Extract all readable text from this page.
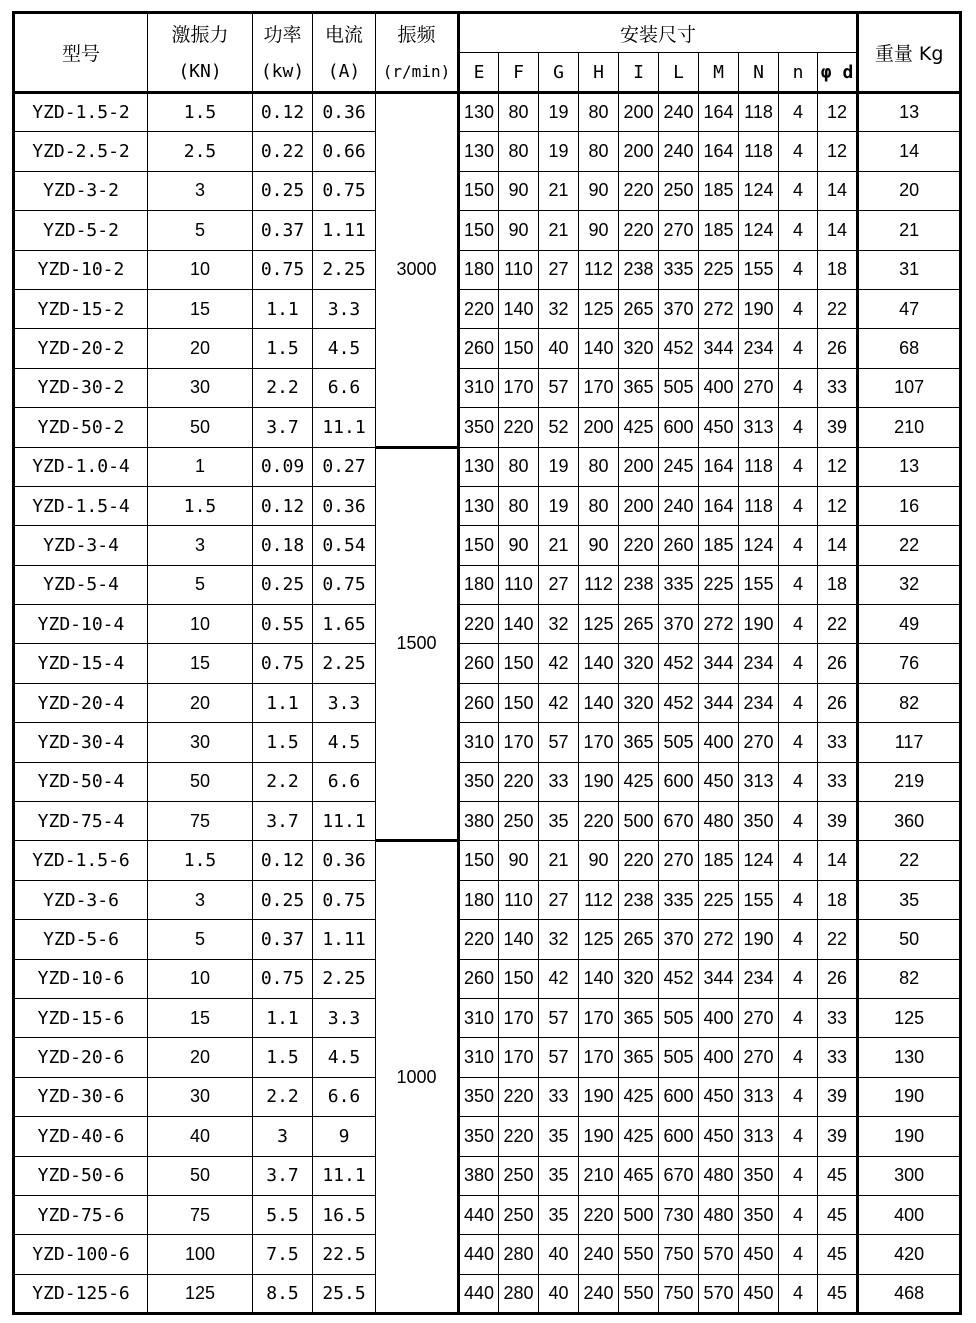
型号	激振力	功率	电流	振频	安装尺寸										重量 Kg
	(KN)	(kw)	(A)	(r/min)	E	F	G	H	I	L	M	N	n	φ d	
YZD-1.5-2	1.5	0.12	0.36	3000	130	80	19	80	200	240	164	118	4	12	13
YZD-2.5-2	2.5	0.22	0.66		130	80	19	80	200	240	164	118	4	12	14
YZD-3-2	3	0.25	0.75		150	90	21	90	220	250	185	124	4	14	20
YZD-5-2	5	0.37	1.11		150	90	21	90	220	270	185	124	4	14	21
YZD-10-2	10	0.75	2.25		180	110	27	112	238	335	225	155	4	18	31
YZD-15-2	15	1.1	3.3		220	140	32	125	265	370	272	190	4	22	47
YZD-20-2	20	1.5	4.5		260	150	40	140	320	452	344	234	4	26	68
YZD-30-2	30	2.2	6.6		310	170	57	170	365	505	400	270	4	33	107
YZD-50-2	50	3.7	11.1		350	220	52	200	425	600	450	313	4	39	210
YZD-1.0-4	1	0.09	0.27	1500	130	80	19	80	200	245	164	118	4	12	13
YZD-1.5-4	1.5	0.12	0.36		130	80	19	80	200	240	164	118	4	12	16
YZD-3-4	3	0.18	0.54		150	90	21	90	220	260	185	124	4	14	22
YZD-5-4	5	0.25	0.75		180	110	27	112	238	335	225	155	4	18	32
YZD-10-4	10	0.55	1.65		220	140	32	125	265	370	272	190	4	22	49
YZD-15-4	15	0.75	2.25		260	150	42	140	320	452	344	234	4	26	76
YZD-20-4	20	1.1	3.3		260	150	42	140	320	452	344	234	4	26	82
YZD-30-4	30	1.5	4.5		310	170	57	170	365	505	400	270	4	33	117
YZD-50-4	50	2.2	6.6		350	220	33	190	425	600	450	313	4	33	219
YZD-75-4	75	3.7	11.1		380	250	35	220	500	670	480	350	4	39	360
YZD-1.5-6	1.5	0.12	0.36	1000	150	90	21	90	220	270	185	124	4	14	22
YZD-3-6	3	0.25	0.75		180	110	27	112	238	335	225	155	4	18	35
YZD-5-6	5	0.37	1.11		220	140	32	125	265	370	272	190	4	22	50
YZD-10-6	10	0.75	2.25		260	150	42	140	320	452	344	234	4	26	82
YZD-15-6	15	1.1	3.3		310	170	57	170	365	505	400	270	4	33	125
YZD-20-6	20	1.5	4.5		310	170	57	170	365	505	400	270	4	33	130
YZD-30-6	30	2.2	6.6		350	220	33	190	425	600	450	313	4	39	190
YZD-40-6	40	3	9		350	220	35	190	425	600	450	313	4	39	190
YZD-50-6	50	3.7	11.1		380	250	35	210	465	670	480	350	4	45	300
YZD-75-6	75	5.5	16.5		440	250	35	220	500	730	480	350	4	45	400
YZD-100-6	100	7.5	22.5		440	280	40	240	550	750	570	450	4	45	420
YZD-125-6	125	8.5	25.5		440	280	40	240	550	750	570	450	4	45	468
